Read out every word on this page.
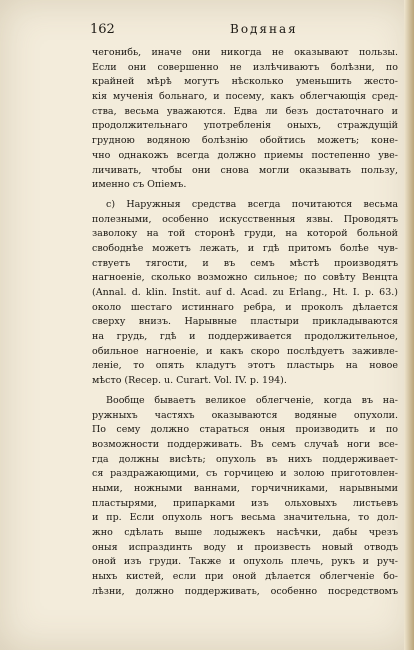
162	Водяная
чегонибь, иначе они никогда не оказывают пользы.
Если они совершенно не излѣчиваютъ болѣзни, по
крайней мѣрѣ могутъ нѣсколько уменьшить жесто-
кія мученія больнаго, и посему, какъ облегчающія сред-
ства, весьма уважаются. Едва ли безъ достаточнаго и
продолжительнаго употребленія оныхъ, страждущій
грудною водяною болѣзнію обойтись можетъ; коне-
чно однакожъ всегда должно приемы постепенно уве-
личивать, чтобы они снова могли оказывать пользу,
именно съ Опіемъ.
c) Наружныя средства всегда почитаются весьма
полезными, особенно искусственныя язвы. Проводятъ
заволоку на той сторонѣ груди, на которой больной
свободнѣе можетъ лежать, и гдѣ притомъ болѣе чув-
ствуетъ тягости, и въ семъ мѣстѣ производятъ
нагноеніе, сколько возможно сильное; по совѣту Венцта
(Annal. d. klin. Instit. auf d. Acad. zu Erlang., Ht. I. p. 63.)
около шестаго истиннаго ребра, и проколъ дѣлается
сверху внизъ. Нарывные пластыри прикладываются
на грудь, гдѣ и поддерживается продолжительное,
обильное нагноеніе, и какъ скоро послѣдуетъ заживле-
леніе, то опять кладутъ этотъ пластырь на новое
мѣсто (Recep. u. Curart. Vol. IV. p. 194).
Вообще бываетъ великое облегченіе, когда въ на-
ружныхъ частяхъ оказываются водяные опухоли.
По сему должно стараться оныя производить и по
возможности поддерживать. Въ семъ случаѣ ноги все-
гда должны висѣть; опухоль въ нихъ поддерживает-
ся раздражающими, съ горчицею и золою приготовлен-
ными, ножными ваннами, горчичниками, нарывными
пластырями, припарками изъ ольховыхъ листьевъ
и пр. Если опухоль ногъ весьма значительна, то дол-
жно сдѣлать выше лодыжекъ насѣчки, дабы чрезъ
оныя испраздинть воду и произвесть новый отводъ
оной изъ груди. Также и опухоль плечь, рукъ и руч-
ныхъ кистей, если при оной дѣлается облегченіе бо-
лѣзни, должно поддерживать, особенно посредствомъ
